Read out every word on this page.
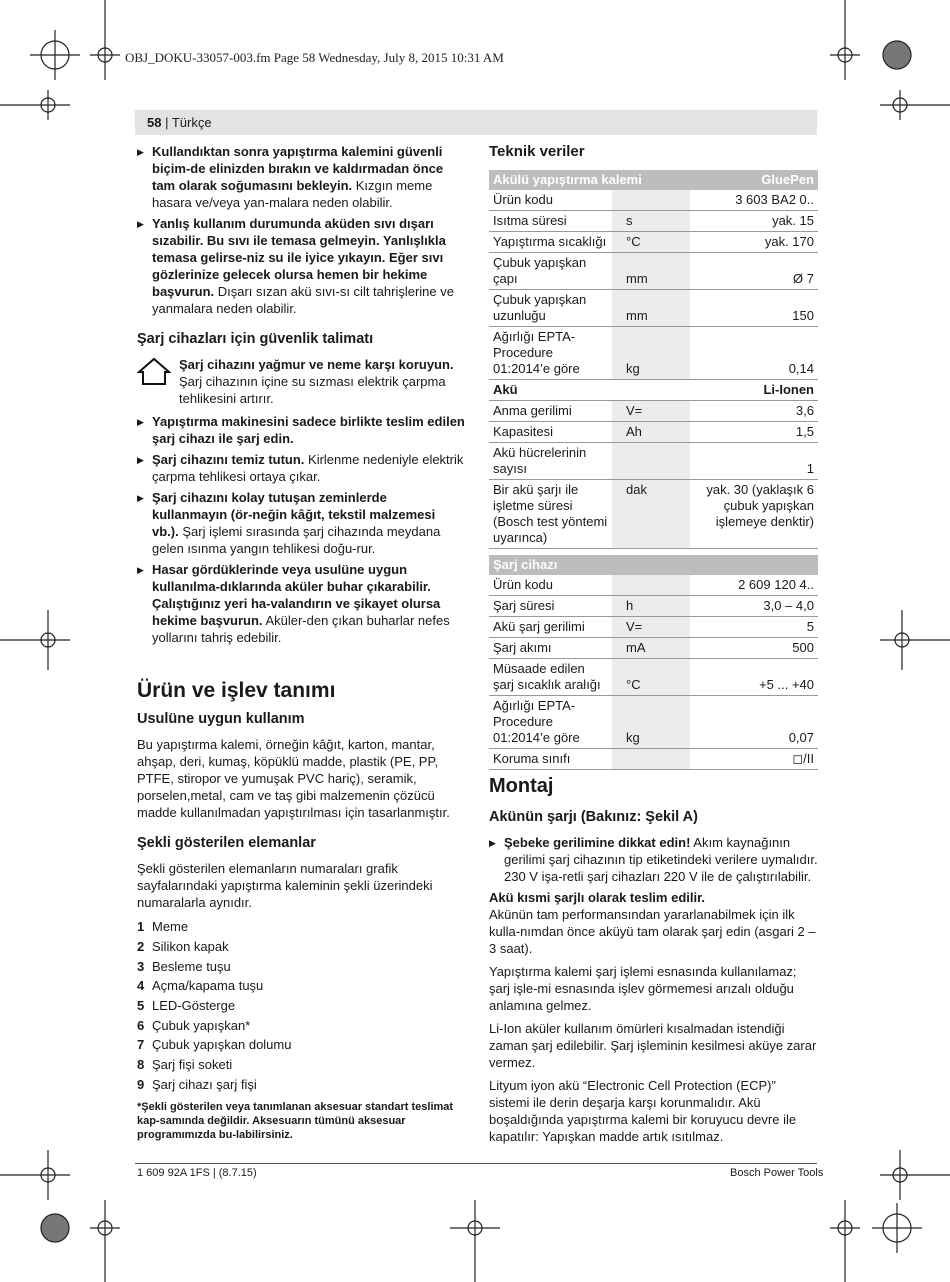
OBJ_DOKU-33057-003.fm Page 58 Wednesday, July 8, 2015 10:31 AM
58 | Türkçe
▶ Kullandıktan sonra yapıştırma kalemini güvenli biçim-de elinizden bırakın ve kaldırmadan önce tam olarak soğumasını bekleyin. Kızgın meme hasara ve/veya yan-malara neden olabilir.
▶ Yanlış kullanım durumunda aküden sıvı dışarı sızabilir. Bu sıvı ile temasa gelmeyin. Yanlışlıkla temasa gelirse-niz su ile iyice yıkayın. Eğer sıvı gözlerinize gelecek olursa hemen bir hekime başvurun. Dışarı sızan akü sıvı-sı cilt tahrişlerine ve yanmalara neden olabilir.
Şarj cihazları için güvenlik talimatı
Şarj cihazını yağmur ve neme karşı koruyun. Şarj cihazının içine su sızması elektrik çarpma tehlikesini artırır.
▶ Yapıştırma makinesini sadece birlikte teslim edilen şarj cihazı ile şarj edin.
▶ Şarj cihazını temiz tutun. Kirlenme nedeniyle elektrik çarpma tehlikesi ortaya çıkar.
▶ Şarj cihazını kolay tutuşan zeminlerde kullanmayın (ör-neğin kâğıt, tekstil malzemesi vb.). Şarj işlemi sırasında şarj cihazında meydana gelen ısınma yangın tehlikesi doğu-rur.
▶ Hasar gördüklerinde veya usulüne uygun kullanılma-dıklarında aküler buhar çıkarabilir. Çalıştığınız yeri ha-valandırın ve şikayet olursa hekime başvurun. Aküler-den çıkan buharlar nefes yollarını tahriş edebilir.
Ürün ve işlev tanımı
Usulüne uygun kullanım
Bu yapıştırma kalemi, örneğin kâğıt, karton, mantar, ahşap, deri, kumaş, köpüklü madde, plastik (PE, PP, PTFE, stiropor ve yumuşak PVC hariç), seramik, porselen,metal, cam ve taş gibi malzemenin çözücü madde kullanılmadan yapıştırılması için tasarlanmıştır.
Şekli gösterilen elemanlar
Şekli gösterilen elemanların numaraları grafik sayfalarındaki yapıştırma kaleminin şekli üzerindeki numaralarla aynıdır.
1 Meme
2 Silikon kapak
3 Besleme tuşu
4 Açma/kapama tuşu
5 LED-Gösterge
6 Çubuk yapışkan*
7 Çubuk yapışkan dolumu
8 Şarj fişi soketi
9 Şarj cihazı şarj fişi
*Şekli gösterilen veya tanımlanan aksesuar standart teslimat kap-samında değildir. Aksesuarın tümünü aksesuar programımızda bu-labilirsiniz.
Teknik veriler
Akülü yapıştırma kalemi		GluePen
Ürün kodu		3 603 BA2 0..
Isıtma süresi	s	yak. 15
Yapıştırma sıcaklığı	°C	yak. 170
Çubuk yapışkan çapı	mm	Ø 7
Çubuk yapışkan uzunluğu	mm	150
Ağırlığı EPTA-Procedure 01:2014’e göre	kg	0,14
Akü		Li-Ionen
Anma gerilimi	V=	3,6
Kapasitesi	Ah	1,5
Akü hücrelerinin sayısı		1
Bir akü şarjı ile işletme süresi (Bosch test yöntemi uyarınca)	dak	yak. 30 (yaklaşık 6 çubuk yapışkan işlemeye denktir)

Şarj cihazı		
Ürün kodu		2 609 120 4..
Şarj süresi	h	3,0 – 4,0
Akü şarj gerilimi	V=	5
Şarj akımı	mA	500
Müsaade edilen şarj sıcaklık aralığı	°C	+5 ... +40
Ağırlığı EPTA-Procedure 01:2014’e göre	kg	0,07
Koruma sınıfı		◻/II
Montaj
Akünün şarjı (Bakınız: Şekil A)
▶ Şebeke gerilimine dikkat edin! Akım kaynağının gerilimi şarj cihazının tip etiketindeki verilere uymalıdır. 230 V işa-retli şarj cihazları 220 V ile de çalıştırılabilir.
Akü kısmi şarjlı olarak teslim edilir.
Akünün tam performansından yararlanabilmek için ilk kulla-nımdan önce aküyü tam olarak şarj edin (asgari 2 – 3 saat).
Yapıştırma kalemi şarj işlemi esnasında kullanılamaz; şarj işle-mi esnasında işlev görmemesi arızalı olduğu anlamına gelmez.
Li-Ion aküler kullanım ömürleri kısalmadan istendiği zaman şarj edilebilir. Şarj işleminin kesilmesi aküye zarar vermez.
Lityum iyon akü “Electronic Cell Protection (ECP)” sistemi ile derin deşarja karşı korunmalıdır. Akü boşaldığında yapıştırma kalemi bir koruyucu devre ile kapatılır: Yapışkan madde artık ısıtılmaz.
1 609 92A 1FS | (8.7.15)	Bosch Power Tools
